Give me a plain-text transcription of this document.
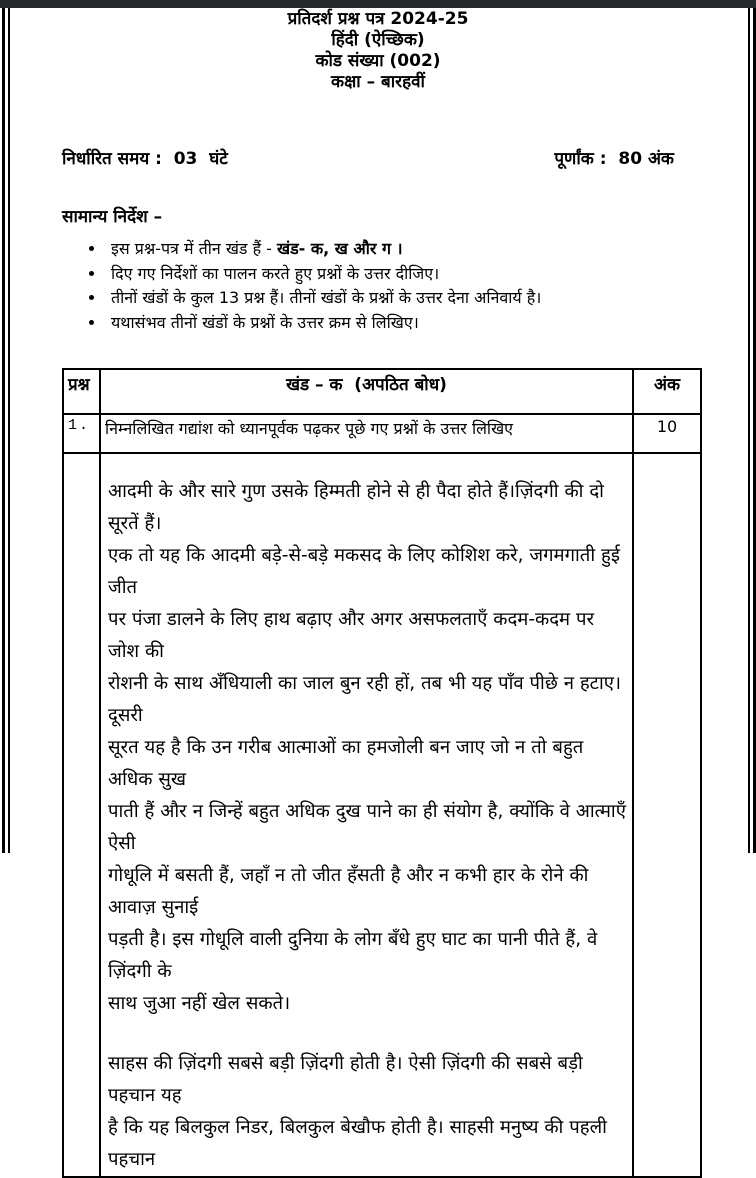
प्रतिदर्श प्रश्न पत्र 2024-25
हिंदी (ऐच्छिक)
कोड संख्या (002)
कक्षा – बारहवीं
निर्धारित समय :  03  घंटे	पूर्णांक :  80 अंक
सामान्य निर्देश –
• इस प्रश्न-पत्र में तीन खंड हैं - खंड- क, ख और ग ।
• दिए गए निर्देशों का पालन करते हुए प्रश्नों के उत्तर दीजिए।
• तीनों खंडों के कुल 13 प्रश्न हैं। तीनों खंडों के प्रश्नों के उत्तर देना अनिवार्य है।
• यथासंभव तीनों खंडों के प्रश्नों के उत्तर क्रम से लिखिए।
प्रश्न	खंड – क  (अपठित बोध)	अंक
1.	निम्नलिखित गद्यांश को ध्यानपूर्वक पढ़कर पूछे गए प्रश्नों के उत्तर लिखिए	10

आदमी के और सारे गुण उसके हिम्मती होने से ही पैदा होते हैं।ज़िंदगी की दो सूरतें हैं।
एक तो यह कि आदमी बड़े-से-बड़े मकसद के लिए कोशिश करे, जगमगाती हुई जीत
पर पंजा डालने के लिए हाथ बढ़ाए और अगर असफलताएँ कदम-कदम पर जोश की
रोशनी के साथ अँधियाली का जाल बुन रही हों, तब भी यह पाँव पीछे न हटाए। दूसरी
सूरत यह है कि उन गरीब आत्माओं का हमजोली बन जाए जो न तो बहुत अधिक सुख
पाती हैं और न जिन्हें बहुत अधिक दुख पाने का ही संयोग है, क्योंकि वे आत्माएँ ऐसी
गोधूलि में बसती हैं, जहाँ न तो जीत हँसती है और न कभी हार के रोने की आवाज़ सुनाई
पड़ती है। इस गोधूलि वाली दुनिया के लोग बँधे हुए घाट का पानी पीते हैं, वे ज़िंदगी के
साथ जुआ नहीं खेल सकते।
साहस की ज़िंदगी सबसे बड़ी ज़िंदगी होती है। ऐसी ज़िंदगी की सबसे बड़ी पहचान यह
है कि यह बिलकुल निडर, बिलकुल बेखौफ होती है। साहसी मनुष्य की पहली पहचान
